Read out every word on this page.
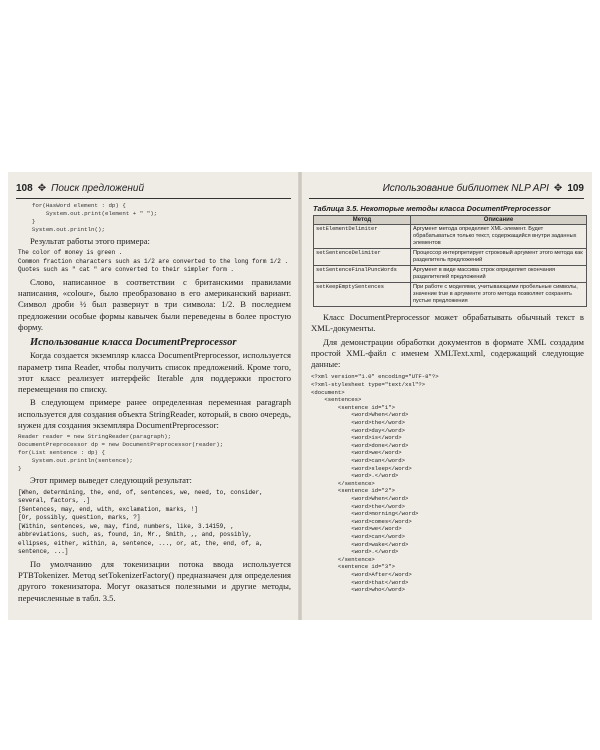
108 ✥ Поиск предложений
for(HasWord element : dp) {
System.out.print(element + " ");
}
System.out.println();

Результат работы этого примера:

The color of money is green .
Common fraction characters such as 1/2 are converted to the long form 1/2 .
Quotes such as " cat " are converted to their simpler form .

Слово, написанное в соответствии с британскими правилами написания, «colour», было преобразовано в его американский вариант. Символ дроби ½ был развернут в три символа: 1/2. В последнем предложении особые формы кавычек были переведены в более простую форму.

Использование класса DocumentPreprocessor

Когда создается экземпляр класса DocumentPreprocessor, используется параметр типа Reader, чтобы получить список предложений. Кроме того, этот класс реализует интерфейс Iterable для поддержки простого перемещения по списку.

В следующем примере ранее определенная переменная paragraph используется для создания объекта StringReader, который, в свою очередь, нужен для создания экземпляра DocumentPreprocessor:

Reader reader = new StringReader(paragraph);
DocumentPreprocessor dp = new DocumentPreprocessor(reader);
for(List sentence : dp) {
System.out.println(sentence);
}

Этот пример выведет следующий результат:

[When, determining, the, end, of, sentences, we, need, to, consider,
several, factors, .]
[Sentences, may, end, with, exclamation, marks, !]
[Or, possibly, question, marks, ?]
[Within, sentences, we, may, find, numbers, like, 3.14159, ,
abbreviations, such, as, found, in, Mr., Smith, ,, and, possibly,
ellipses, either, within, a, sentence, ..., or, at, the, end, of, a,
sentence, ...]

По умолчанию для токенизации потока ввода используется PTBTokenizer. Метод setTokenizerFactory() предназначен для определения другого токенизатора. Могут оказаться полезными и другие методы, перечисленные в табл. 3.5.

Использование библиотек NLP API ✥ 109
Таблица 3.5. Некоторые методы класса DocumentPreprocessor
Метод	Описание
setElementDelimiter	Аргумент метода определяет XML-элемент. Будет обрабатываться только текст, содержащийся внутри заданных элементов
setSentenceDelimiter	Процессор интерпретирует строковый аргумент этого метода как разделитель предложений
setSentenceFinalPuncWords	Аргумент в виде массива строк определяет окончания разделителей предложений
setKeepEmptySentences	При работе с моделями, учитывающими пробельные символы, значение true в аргументе этого метода позволяет сохранять пустые предложения

Класс DocumentPreprocessor может обрабатывать обычный текст в XML-документы.

Для демонстрации обработки документов в формате XML создадим простой XML-файл с именем XMLText.xml, содержащий следующие данные:

<?xml version="1.0" encoding="UTF-8"?>
<?xml-stylesheet type="text/xsl"?>
<document>
<sentences>
<sentence id="1">
<word>When</word>
<word>the</word>
<word>day</word>
<word>is</word>
<word>done</word>
<word>we</word>
<word>can</word>
<word>sleep</word>
<word>.</word>
</sentence>
<sentence id="2">
<word>When</word>
<word>the</word>
<word>morning</word>
<word>comes</word>
<word>we</word>
<word>can</word>
<word>wake</word>
<word>.</word>
</sentence>
<sentence id="3">
<word>After</word>
<word>that</word>
<word>who</word>
